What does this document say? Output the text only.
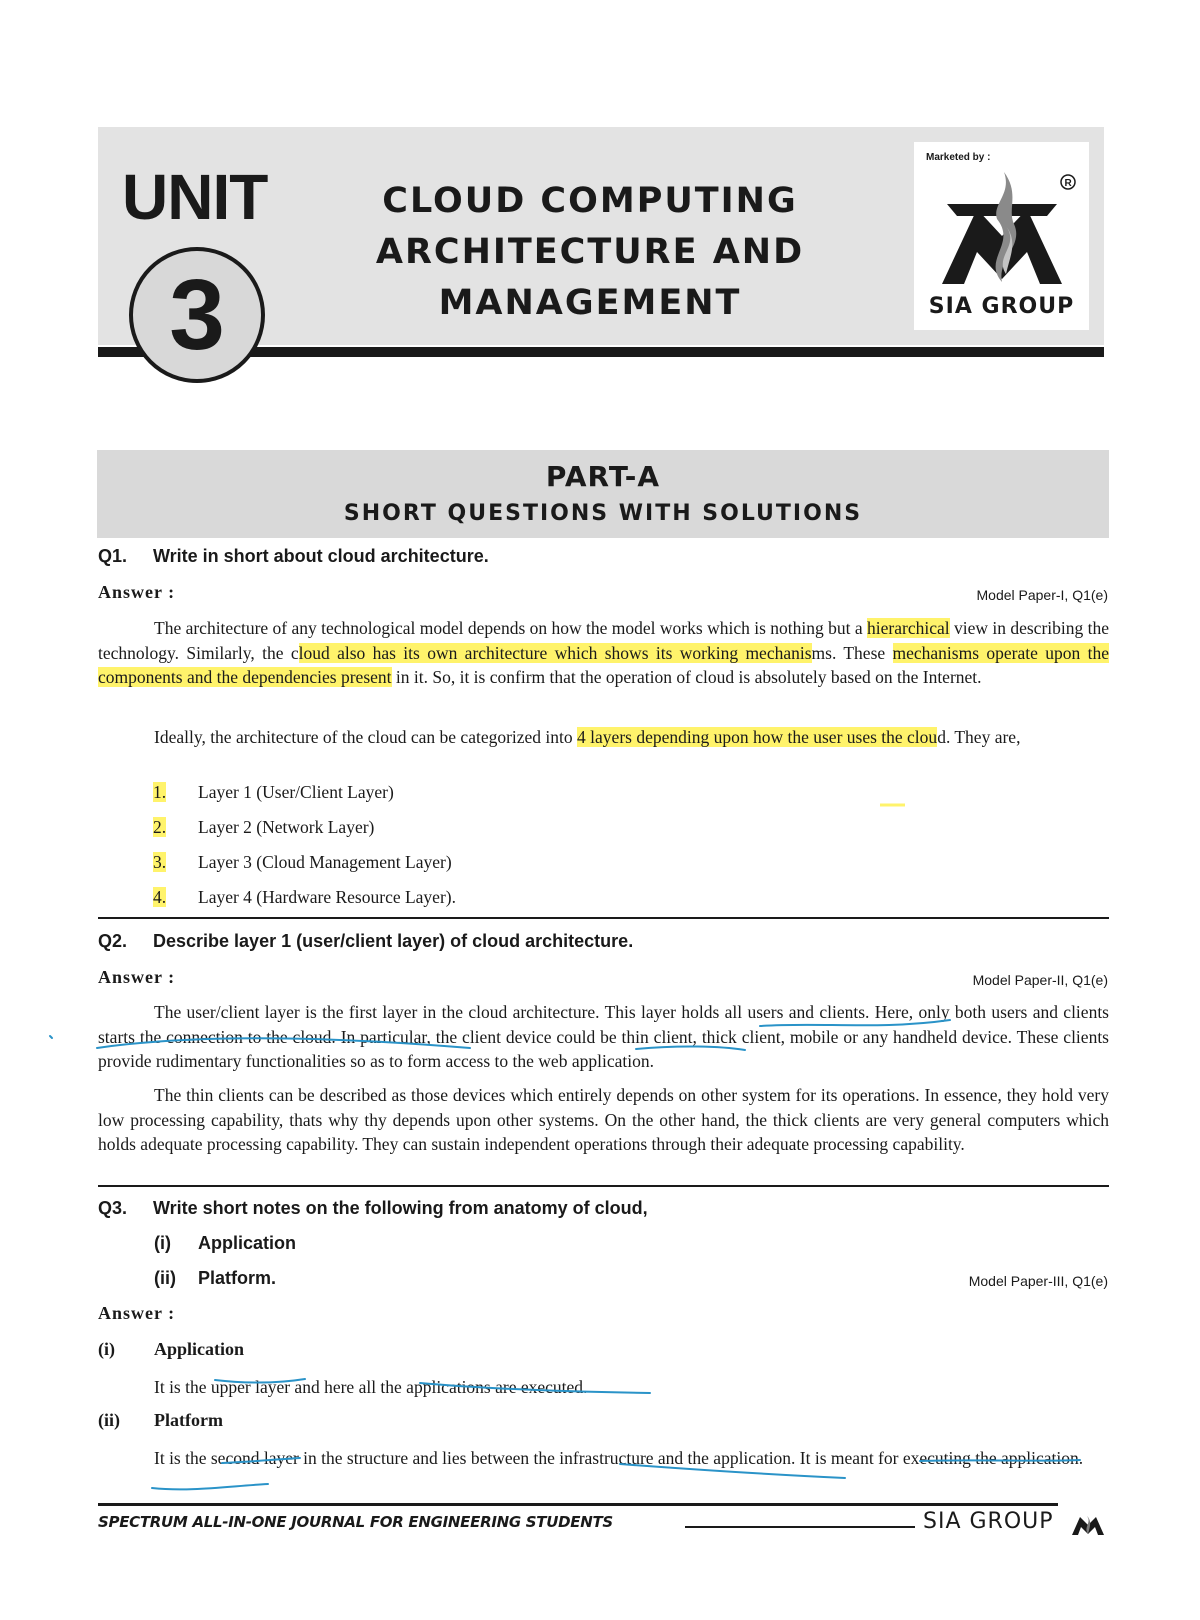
UNIT
3
CLOUD COMPUTING
ARCHITECTURE AND
MANAGEMENT
Marketed by :
R
SIA GROUP
PART-A
SHORT QUESTIONS WITH SOLUTIONS
Q1. Write in short about cloud architecture.
Answer :	Model Paper-I, Q1(e)
The architecture of any technological model depends on how the model works which is nothing but a hierarchical view in describing the technology. Similarly, the cloud also has its own architecture which shows its working mechanisms. These mechanisms operate upon the components and the dependencies present in it. So, it is confirm that the operation of cloud is absolutely based on the Internet.
Ideally, the architecture of the cloud can be categorized into 4 layers depending upon how the user uses the cloud. They are,
1. Layer 1 (User/Client Layer)
2. Layer 2 (Network Layer)
3. Layer 3 (Cloud Management Layer)
4. Layer 4 (Hardware Resource Layer).
Q2. Describe layer 1 (user/client layer) of cloud architecture.
Answer :	Model Paper-II, Q1(e)
The user/client layer is the first layer in the cloud architecture. This layer holds all users and clients. Here, only both users and clients starts the connection to the cloud. In particular, the client device could be thin client, thick client, mobile or any handheld device. These clients provide rudimentary functionalities so as to form access to the web application.
The thin clients can be described as those devices which entirely depends on other system for its operations. In essence, they hold very low processing capability, thats why thy depends upon other systems. On the other hand, the thick clients are very general computers which holds adequate processing capability. They can sustain independent operations through their adequate processing capability.
Q3. Write short notes on the following from anatomy of cloud,
(i) Application
(ii) Platform.	Model Paper-III, Q1(e)
Answer :
(i) Application
It is the upper layer and here all the applications are executed.
(ii) Platform
It is the second layer in the structure and lies between the infrastructure and the application. It is meant for executing the application.
SPECTRUM ALL-IN-ONE JOURNAL FOR ENGINEERING STUDENTS	SIA GROUP
